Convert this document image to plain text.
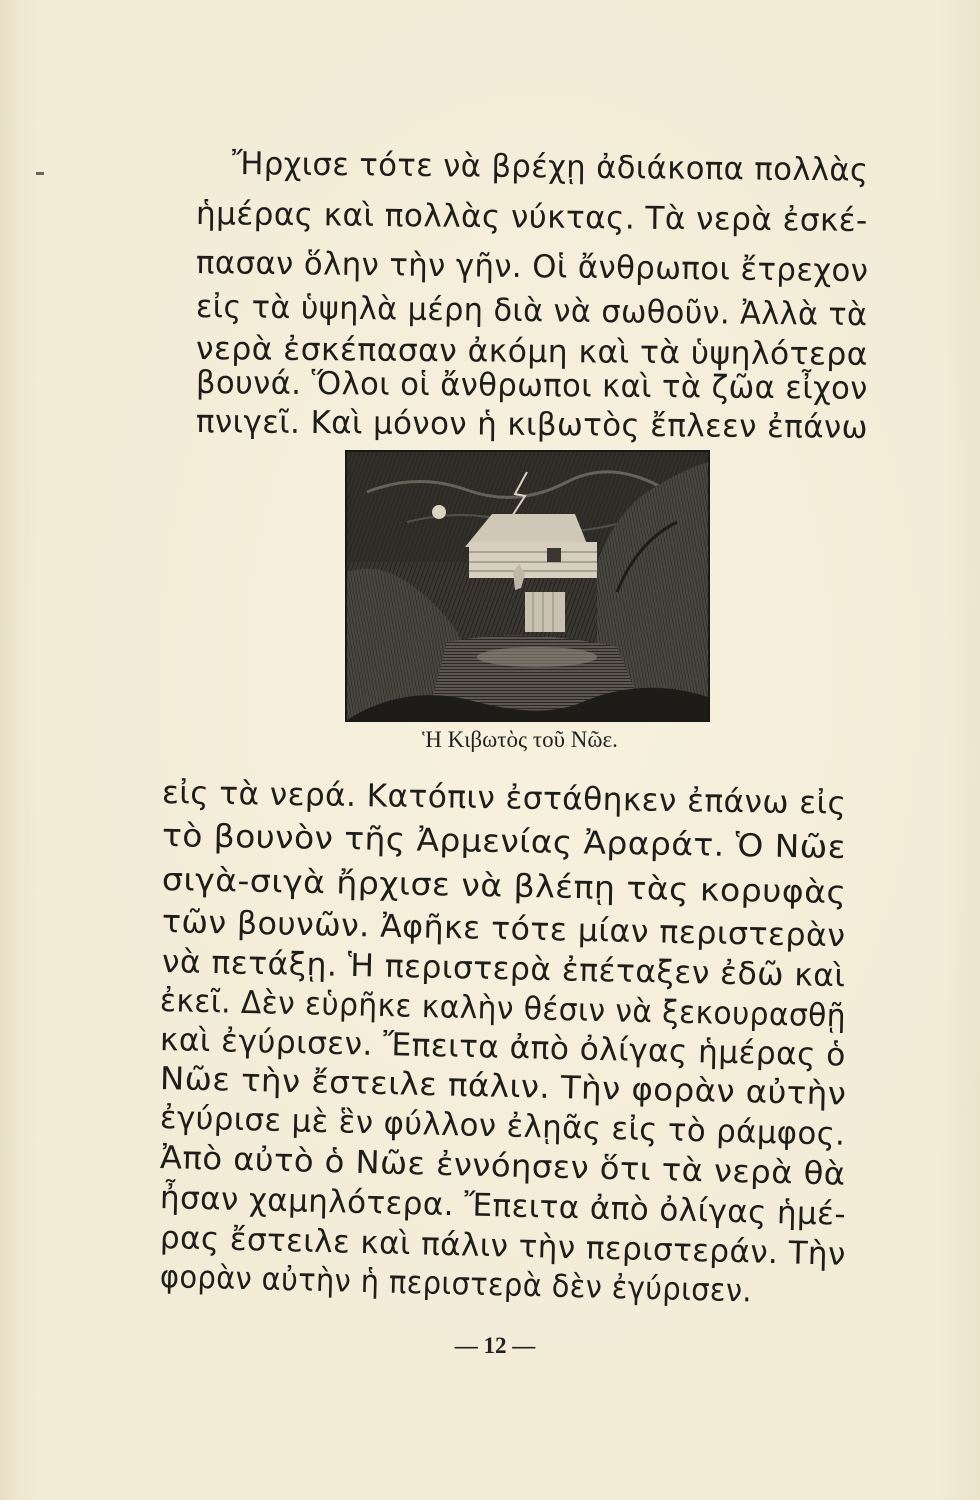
Ἤρχισε τότε νὰ βρέχῃ ἀδιάκοπα πολλὰς
ἡμέρας καὶ πολλὰς νύκτας. Τὰ νερὰ ἐσκέ-
πασαν ὅλην τὴν γῆν. Οἱ ἄνθρωποι ἔτρεχον
εἰς τὰ ὑψηλὰ μέρη διὰ νὰ σωθοῦν. Ἀλλὰ τὰ
νερὰ ἐσκέπασαν ἀκόμη καὶ τὰ ὑψηλότερα
βουνά. Ὅλοι οἱ ἄνθρωποι καὶ τὰ ζῶα εἶχον
πνιγεῖ. Καὶ μόνον ἡ κιβωτὸς ἔπλεεν ἐπάνω
Ἡ Κιβωτὸς τοῦ Νῶε.
εἰς τὰ νερά. Κατόπιν ἐστάθηκεν ἐπάνω εἰς
τὸ βουνὸν τῆς Ἀρμενίας Ἀραράτ. Ὁ Νῶε
σιγὰ-σιγὰ ἤρχισε νὰ βλέπῃ τὰς κορυφὰς
τῶν βουνῶν. Ἀφῆκε τότε μίαν περιστερὰν
νὰ πετάξῃ. Ἡ περιστερὰ ἐπέταξεν ἐδῶ καὶ
ἐκεῖ. Δὲν εὑρῆκε καλὴν θέσιν νὰ ξεκουρασθῇ
καὶ ἐγύρισεν. Ἔπειτα ἀπὸ ὀλίγας ἡμέρας ὁ
Νῶε τὴν ἔστειλε πάλιν. Τὴν φορὰν αὐτὴν
ἐγύρισε μὲ ἓν φύλλον ἐλῃᾶς εἰς τὸ ράμφος.
Ἀπὸ αὐτὸ ὁ Νῶε ἐννόησεν ὅτι τὰ νερὰ θὰ
ἦσαν χαμηλότερα. Ἔπειτα ἀπὸ ὀλίγας ἡμέ-
ρας ἔστειλε καὶ πάλιν τὴν περιστεράν. Τὴν
φορὰν αὐτὴν ἡ περιστερὰ δὲν ἐγύρισεν.
— 12 —
